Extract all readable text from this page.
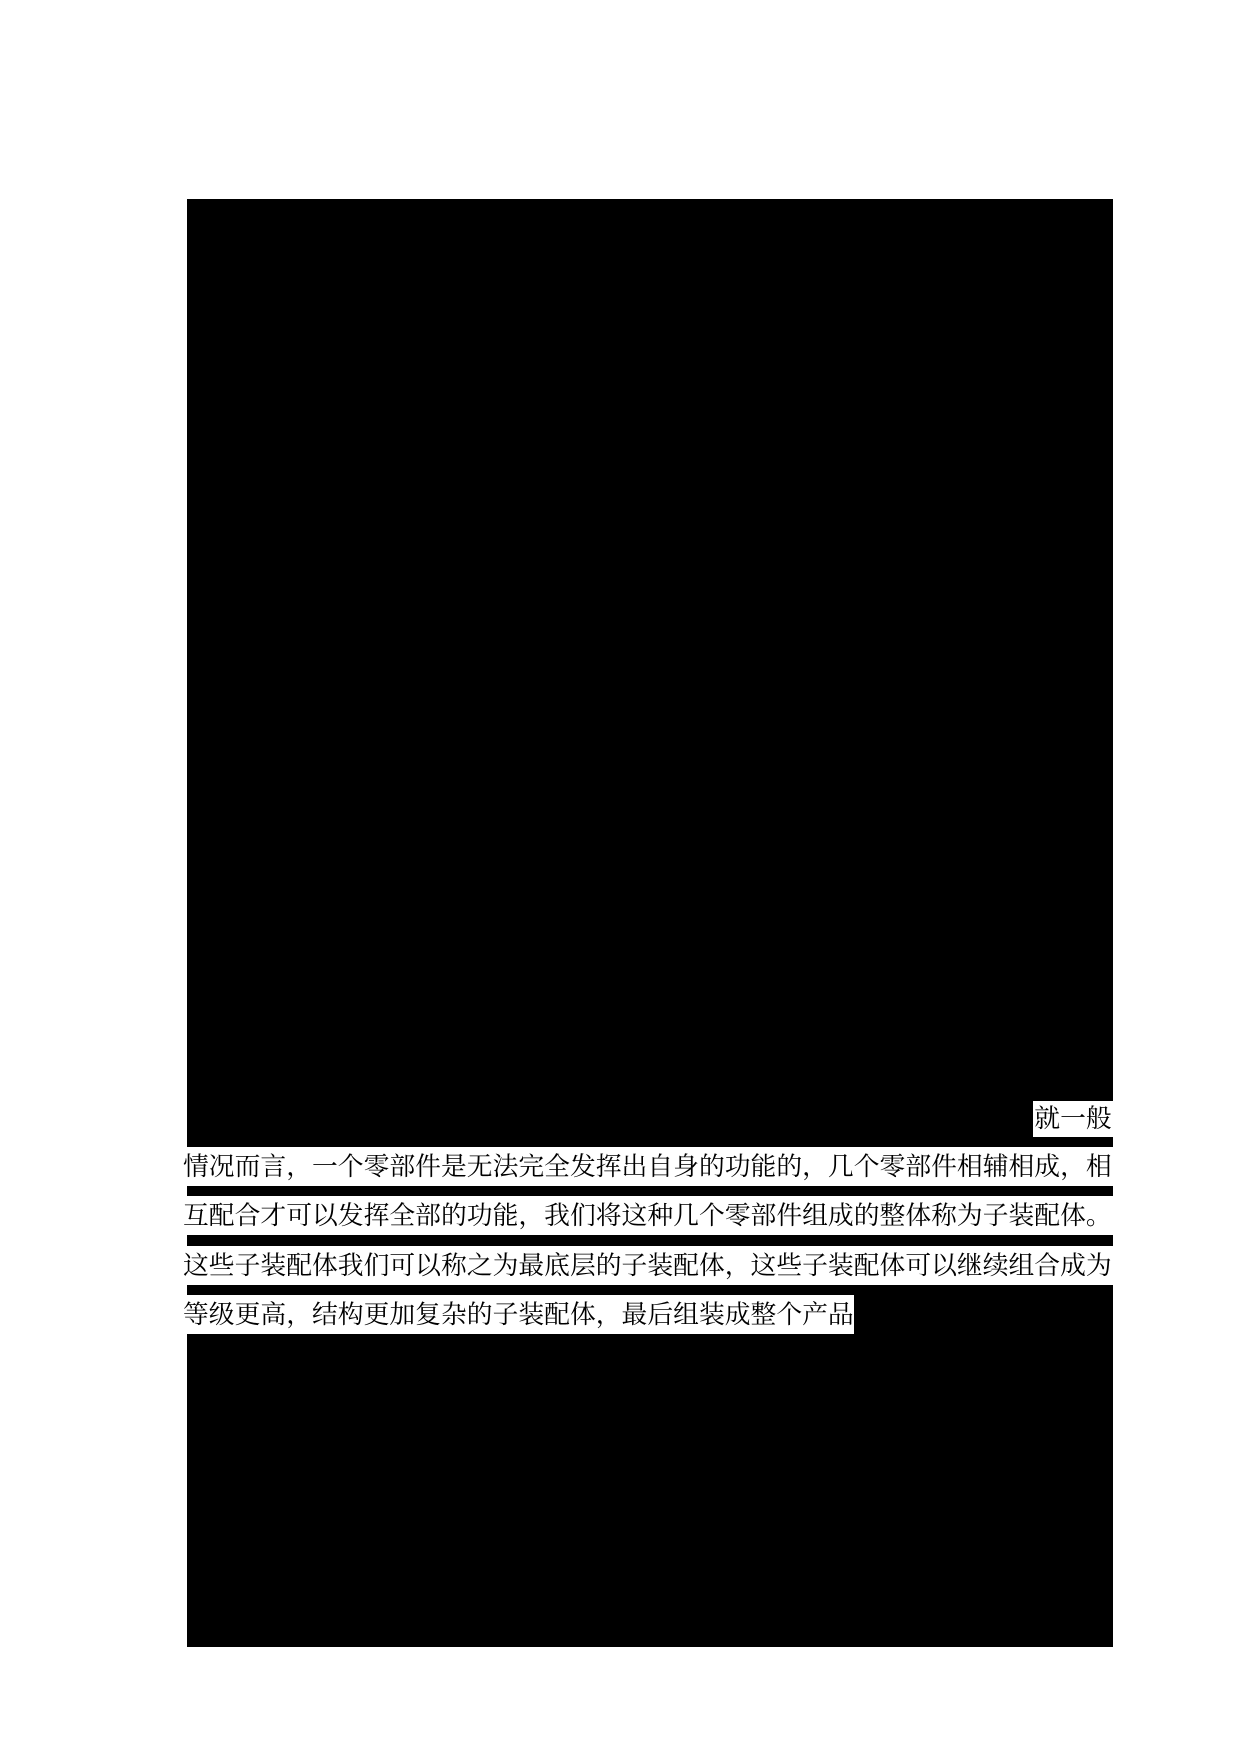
就一般
情况而言，一个零部件是无法完全发挥出自身的功能的，几个零部件相辅相成，相
互配合才可以发挥全部的功能，我们将这种几个零部件组成的整体称为子装配体。
这些子装配体我们可以称之为最底层的子装配体，这些子装配体可以继续组合成为
等级更高，结构更加复杂的子装配体，最后组装成整个产品
